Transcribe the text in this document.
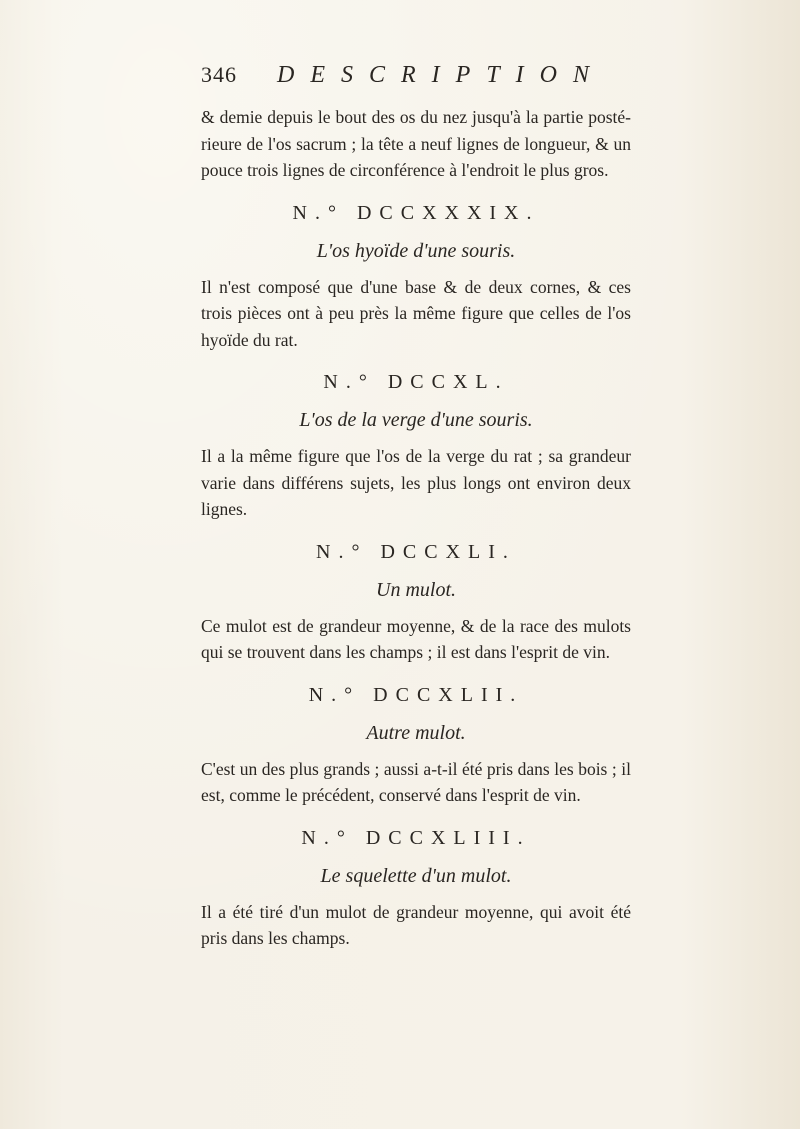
346 DESCRIPTION

& demie depuis le bout des os du nez jusqu'à la partie posté-rieure de l'os sacrum ; la tête a neuf lignes de longueur, & un pouce trois lignes de circonférence à l'endroit le plus gros.

N.° DCCXXXIX.
L'os hyoïde d'une souris.

Il n'est composé que d'une base & de deux cornes, & ces trois pièces ont à peu près la même figure que celles de l'os hyoïde du rat.

N.° DCCXL.
L'os de la verge d'une souris.

Il a la même figure que l'os de la verge du rat ; sa grandeur varie dans différens sujets, les plus longs ont environ deux lignes.

N.° DCCXLI.
Un mulot.

Ce mulot est de grandeur moyenne, & de la race des mulots qui se trouvent dans les champs ; il est dans l'esprit de vin.

N.° DCCXLII.
Autre mulot.

C'est un des plus grands ; aussi a-t-il été pris dans les bois ; il est, comme le précédent, conservé dans l'esprit de vin.

N.° DCCXLIII.
Le squelette d'un mulot.

Il a été tiré d'un mulot de grandeur moyenne, qui avoit été pris dans les champs.
